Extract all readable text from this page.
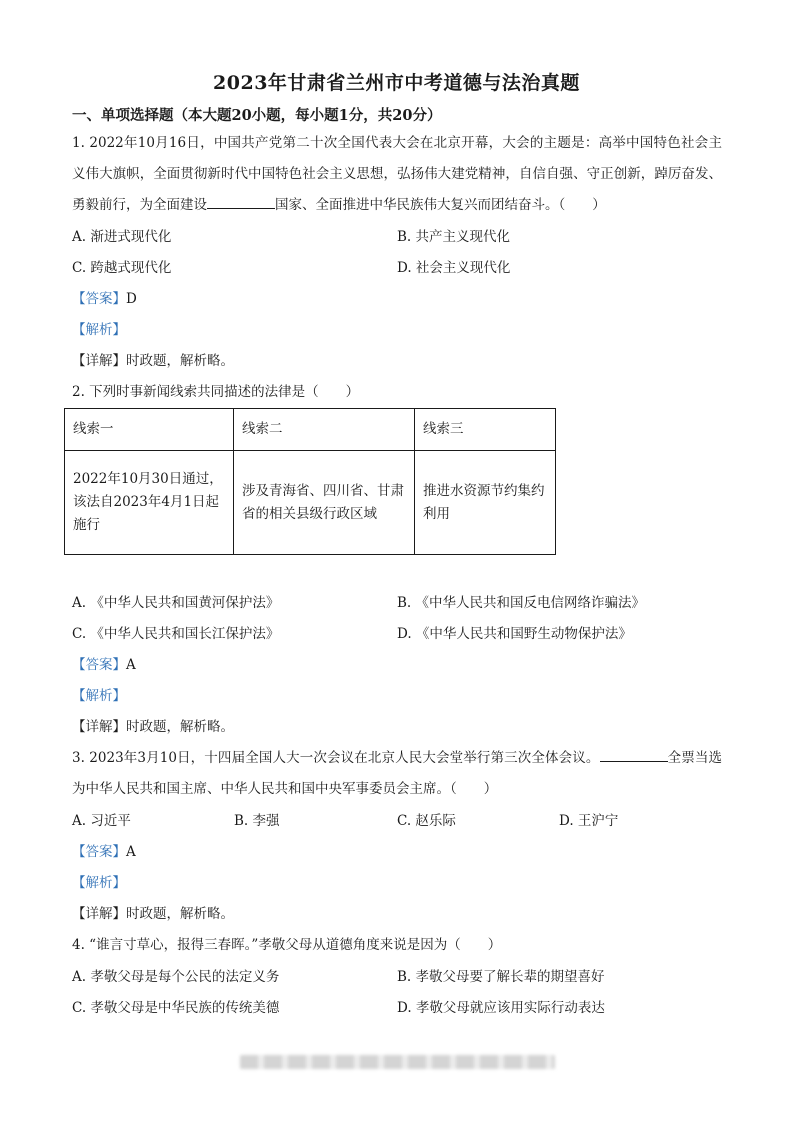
2023年甘肃省兰州市中考道德与法治真题
一、单项选择题（本大题20小题，每小题1分，共20分）
1. 2022年10月16日，中国共产党第二十次全国代表大会在北京开幕，大会的主题是：高举中国特色社会主义伟大旗帜，全面贯彻新时代中国特色社会主义思想，弘扬伟大建党精神，自信自强、守正创新，踔厉奋发、勇毅前行，为全面建设	国家、全面推进中华民族伟大复兴而团结奋斗。（　　）
A. 渐进式现代化	B. 共产主义现代化
C. 跨越式现代化	D. 社会主义现代化
【答案】D
【解析】
【详解】时政题，解析略。
2. 下列时事新闻线索共同描述的法律是（　　）
线索一	线索二	线索三
2022年10月30日通过，该法自2023年4月1日起施行	涉及青海省、四川省、甘肃省的相关县级行政区域	推进水资源节约集约利用
A. 《中华人民共和国黄河保护法》	B. 《中华人民共和国反电信网络诈骗法》
C. 《中华人民共和国长江保护法》	D. 《中华人民共和国野生动物保护法》
【答案】A
【解析】
【详解】时政题，解析略。
3. 2023年3月10日，十四届全国人大一次会议在北京人民大会堂举行第三次全体会议。	全票当选为中华人民共和国主席、中华人民共和国中央军事委员会主席。（　　）
A. 习近平	B. 李强	C. 赵乐际	D. 王沪宁
【答案】A
【解析】
【详解】时政题，解析略。
4. “谁言寸草心，报得三春晖。”孝敬父母从道德角度来说是因为（　　）
A. 孝敬父母是每个公民的法定义务	B. 孝敬父母要了解长辈的期望喜好
C. 孝敬父母是中华民族的传统美德	D. 孝敬父母就应该用实际行动表达
